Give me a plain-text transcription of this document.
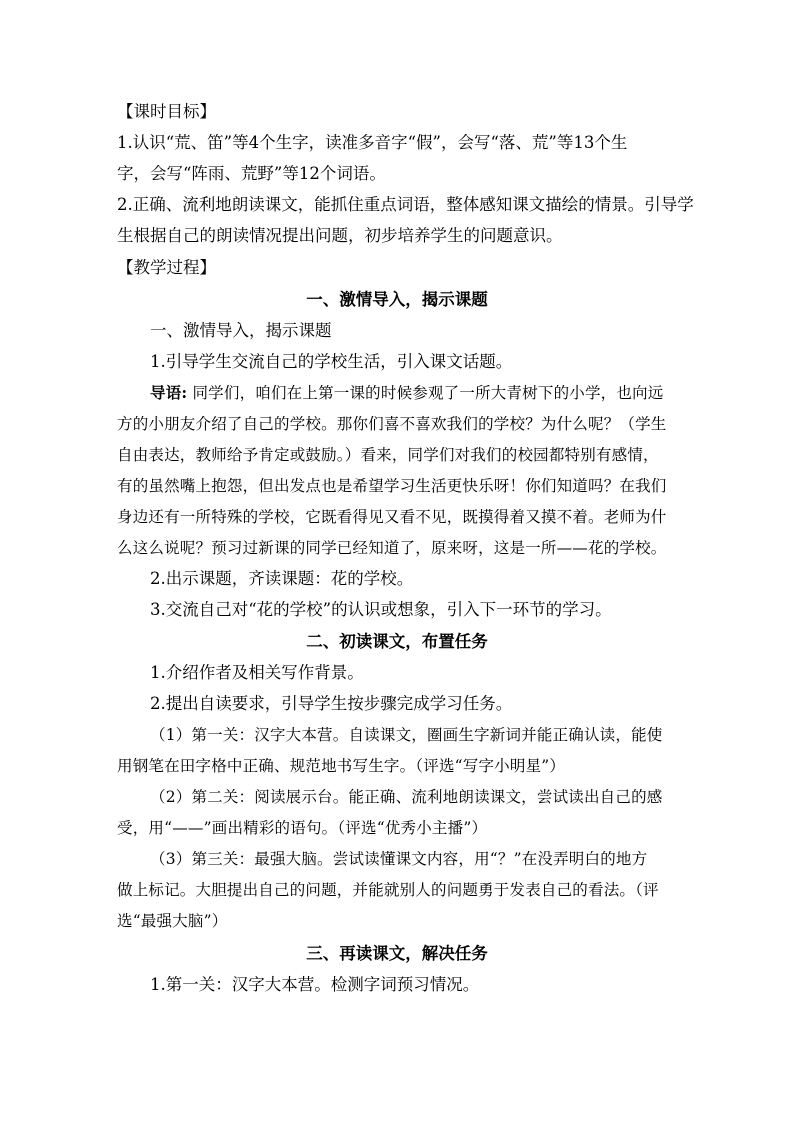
【课时目标】
1.认识“荒、笛”等4个生字，读准多音字“假”，会写“落、荒”等13个生
字，会写“阵雨、荒野”等12个词语。
2.正确、流利地朗读课文，能抓住重点词语，整体感知课文描绘的情景。引导学
生根据自己的朗读情况提出问题，初步培养学生的问题意识。
【教学过程】
一、激情导入，揭示课题
一、激情导入，揭示课题
1.引导学生交流自己的学校生活，引入课文话题。
导语: 同学们，咱们在上第一课的时候参观了一所大青树下的小学，也向远
方的小朋友介绍了自己的学校。那你们喜不喜欢我们的学校？为什么呢？（学生
自由表达，教师给予肯定或鼓励。）看来，同学们对我们的校园都特别有感情，
有的虽然嘴上抱怨，但出发点也是希望学习生活更快乐呀！你们知道吗？在我们
身边还有一所特殊的学校，它既看得见又看不见，既摸得着又摸不着。老师为什
么这么说呢？预习过新课的同学已经知道了，原来呀，这是一所——花的学校。
2.出示课题，齐读课题：花的学校。
3.交流自己对“花的学校”的认识或想象，引入下一环节的学习。
二、初读课文，布置任务
1.介绍作者及相关写作背景。
2.提出自读要求，引导学生按步骤完成学习任务。
（1）第一关：汉字大本营。自读课文，圈画生字新词并能正确认读，能使
用钢笔在田字格中正确、规范地书写生字。（评选“写字小明星”）
（2）第二关：阅读展示台。能正确、流利地朗读课文，尝试读出自己的感
受，用“——”画出精彩的语句。（评选“优秀小主播”）
（3）第三关：最强大脑。尝试读懂课文内容，用“？”在没弄明白的地方
做上标记。大胆提出自己的问题，并能就别人的问题勇于发表自己的看法。（评
选“最强大脑”）
三、再读课文，解决任务
1.第一关：汉字大本营。检测字词预习情况。
